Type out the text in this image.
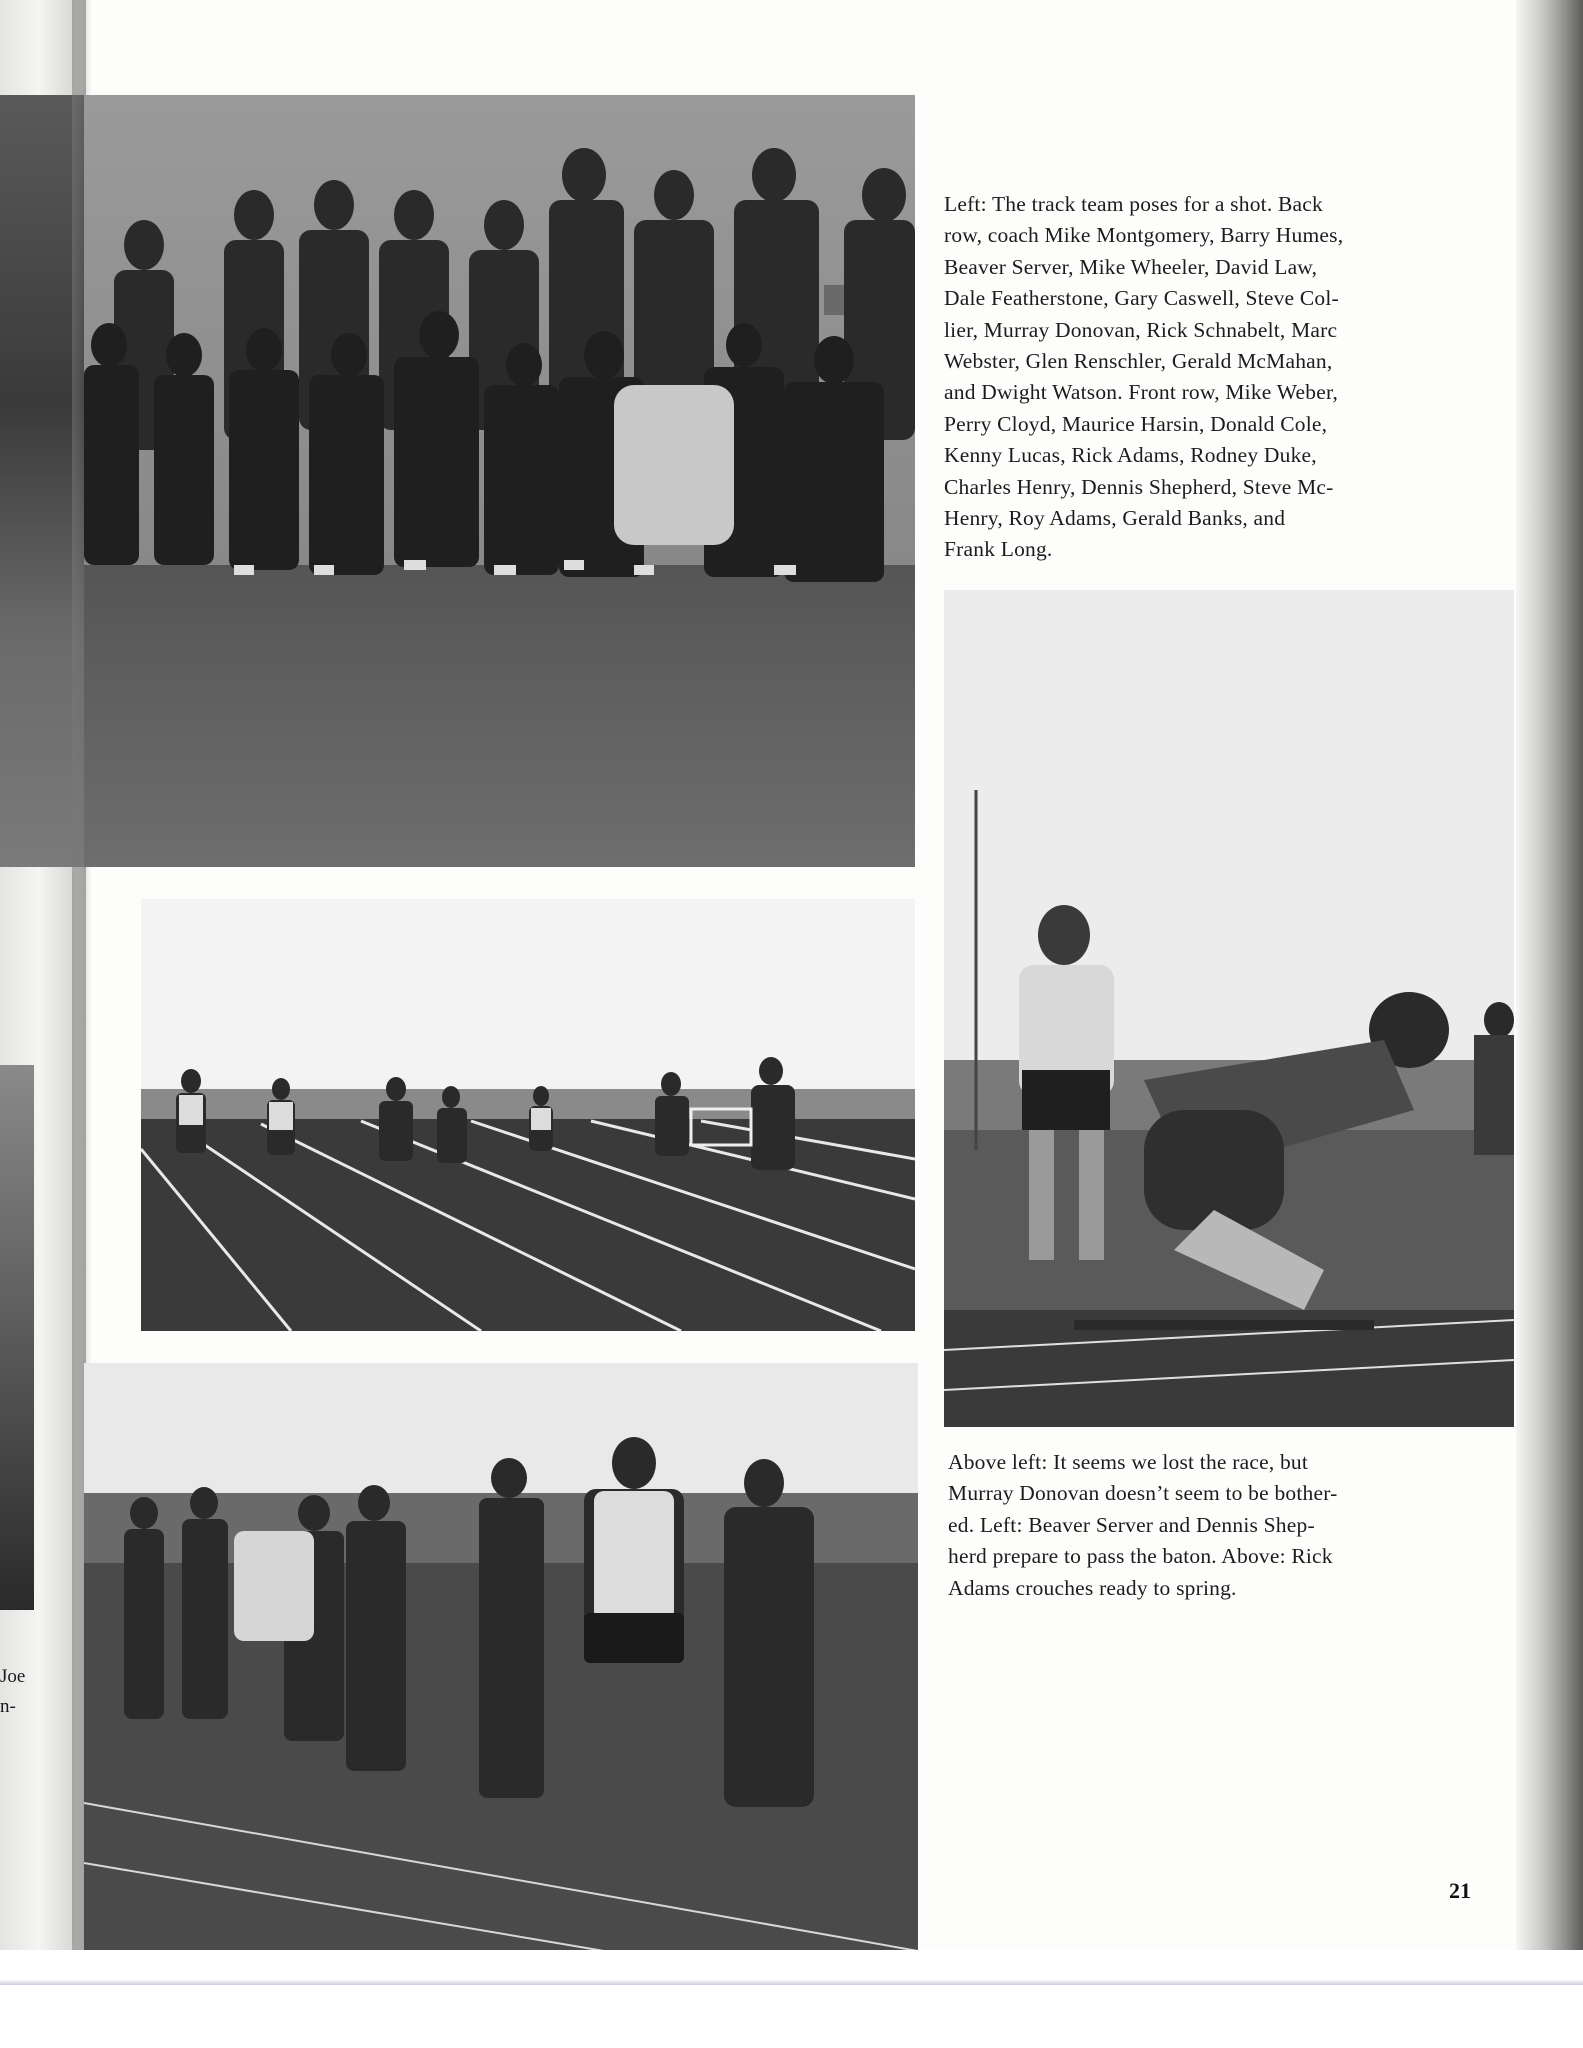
Joe
n-

Left: The track team poses for a shot. Back

row, coach Mike Montgomery, Barry Humes,

Beaver Server, Mike Wheeler, David Law,

Dale Featherstone, Gary Caswell, Steve Col-

lier, Murray Donovan, Rick Schnabelt, Marc

Webster, Glen Renschler, Gerald McMahan,

and Dwight Watson. Front row, Mike Weber,

Perry Cloyd, Maurice Harsin, Donald Cole,

Kenny Lucas, Rick Adams, Rodney Duke,

Charles Henry, Dennis Shepherd, Steve Mc-

Henry, Roy Adams, Gerald Banks, and

Frank Long.

Above left: It seems we lost the race, but

Murray Donovan doesn’t seem to be bother-

ed. Left: Beaver Server and Dennis Shep-

herd prepare to pass the baton. Above: Rick

Adams crouches ready to spring.

21
